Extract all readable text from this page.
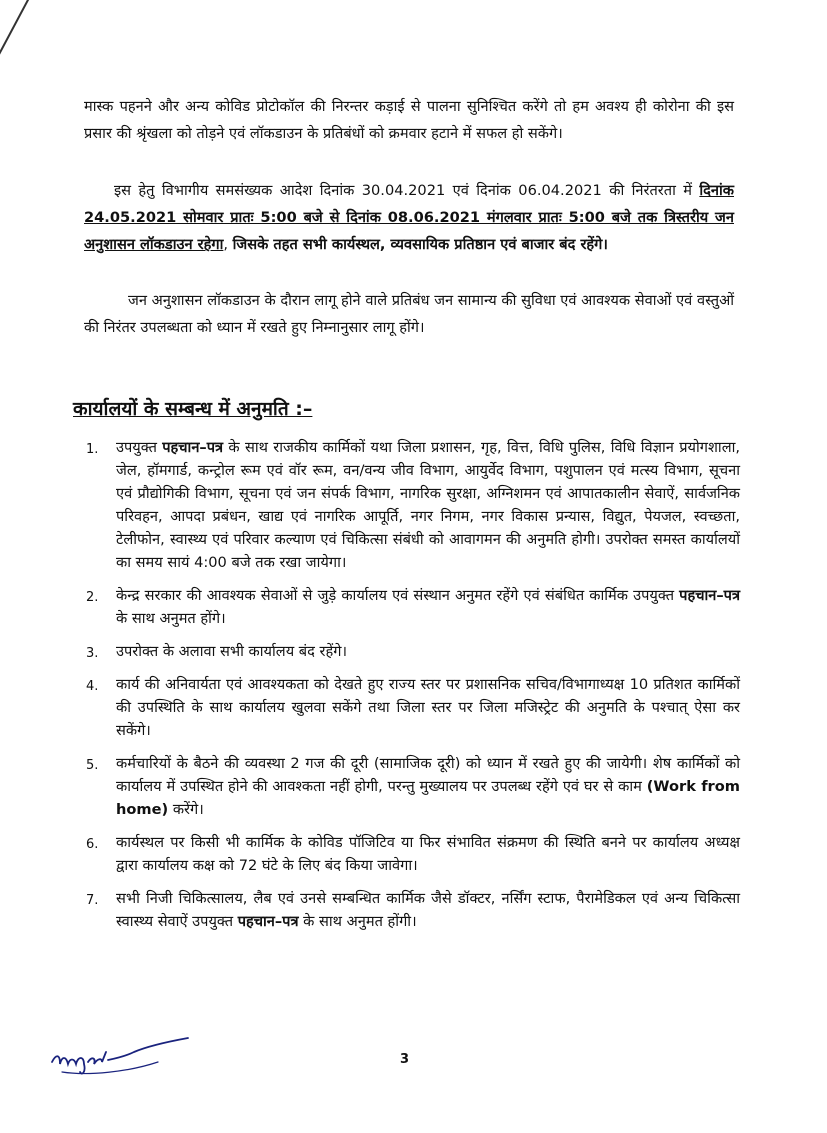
मास्क पहनने और अन्य कोविड प्रोटोकॉल की निरन्तर कड़ाई से पालना सुनिश्चित करेंगे तो हम अवश्य ही कोरोना की इस प्रसार की श्रृंखला को तोड़ने एवं लॉकडाउन के प्रतिबंधों को क्रमवार हटाने में सफल हो सकेंगे।

इस हेतु विभागीय समसंख्यक आदेश दिनांक 30.04.2021 एवं दिनांक 06.04.2021 की निरंतरता में दिनांक 24.05.2021 सोमवार प्रातः 5:00 बजे से दिनांक 08.06.2021 मंगलवार प्रातः 5:00 बजे तक त्रिस्तरीय जन अनुशासन लॉकडाउन रहेगा, जिसके तहत सभी कार्यस्थल, व्यवसायिक प्रतिष्ठान एवं बाजार बंद रहेंगे।

जन अनुशासन लॉकडाउन के दौरान लागू होने वाले प्रतिबंध जन सामान्य की सुविधा एवं आवश्यक सेवाओं एवं वस्तुओं की निरंतर उपलब्धता को ध्यान में रखते हुए निम्नानुसार लागू होंगे।

कार्यालयों के सम्बन्ध में अनुमति :–
1. उपयुक्त पहचान–पत्र के साथ राजकीय कार्मिकों यथा जिला प्रशासन, गृह, वित्त, विधि पुलिस, विधि विज्ञान प्रयोगशाला, जेल, हॉमगार्ड, कन्ट्रोल रूम एवं वॉर रूम, वन/वन्य जीव विभाग, आयुर्वेद विभाग, पशुपालन एवं मत्स्य विभाग, सूचना एवं प्रौद्योगिकी विभाग, सूचना एवं जन संपर्क विभाग, नागरिक सुरक्षा, अग्निशमन एवं आपातकालीन सेवाऐं, सार्वजनिक परिवहन, आपदा प्रबंधन, खाद्य एवं नागरिक आपूर्ति, नगर निगम, नगर विकास प्रन्यास, विद्युत, पेयजल, स्वच्छता, टेलीफोन, स्वास्थ्य एवं परिवार कल्याण एवं चिकित्सा संबंधी को आवागमन की अनुमति होगी। उपरोक्त समस्त कार्यालयों का समय सायं 4:00 बजे तक रखा जायेगा।
2. केन्द्र सरकार की आवश्यक सेवाओं से जुड़े कार्यालय एवं संस्थान अनुमत रहेंगे एवं संबंधित कार्मिक उपयुक्त पहचान–पत्र के साथ अनुमत होंगे।
3. उपरोक्त के अलावा सभी कार्यालय बंद रहेंगे।
4. कार्य की अनिवार्यता एवं आवश्यकता को देखते हुए राज्य स्तर पर प्रशासनिक सचिव/विभागाध्यक्ष 10 प्रतिशत कार्मिकों की उपस्थिति के साथ कार्यालय खुलवा सकेंगे तथा जिला स्तर पर जिला मजिस्ट्रेट की अनुमति के पश्चात् ऐसा कर सकेंगे।
5. कर्मचारियों के बैठने की व्यवस्था 2 गज की दूरी (सामाजिक दूरी) को ध्यान में रखते हुए की जायेगी। शेष कार्मिकों को कार्यालय में उपस्थित होने की आवश्कता नहीं होगी, परन्तु मुख्यालय पर उपलब्ध रहेंगे एवं घर से काम (Work from home) करेंगे।
6. कार्यस्थल पर किसी भी कार्मिक के कोविड पॉजिटिव या फिर संभावित संक्रमण की स्थिति बनने पर कार्यालय अध्यक्ष द्वारा कार्यालय कक्ष को 72 घंटे के लिए बंद किया जावेगा।
7. सभी निजी चिकित्सालय, लैब एवं उनसे सम्बन्धित कार्मिक जैसे डॉक्टर, नर्सिंग स्टाफ, पैरामेडिकल एवं अन्य चिकित्सा स्वास्थ्य सेवाऐं उपयुक्त पहचान–पत्र के साथ अनुमत होंगी।
3
